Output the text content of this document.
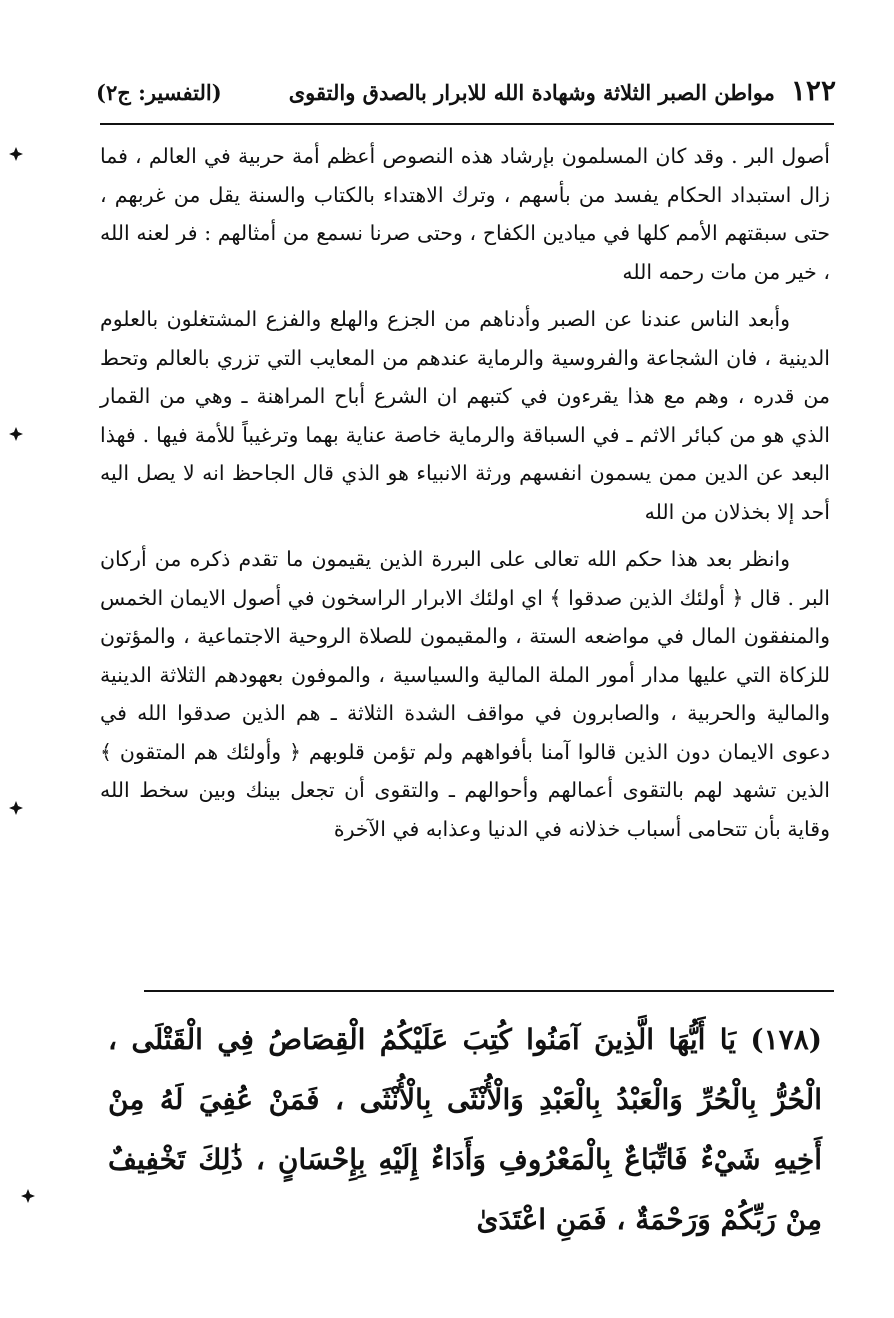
١٢٢
مواطن الصبر الثلاثة وشهادة الله للابرار بالصدق والتقوى
(التفسير: ج٢)

أصول البر . وقد كان المسلمون بإرشاد هذه النصوص أعظم أمة حربية في العالم ، فما زال استبداد الحكام يفسد من بأسهم ، وترك الاهتداء بالكتاب والسنة يقل من غربهم ، حتى سبقتهم الأمم كلها في ميادين الكفاح ، وحتى صرنا نسمع من أمثالهم : فر لعنه الله ، خير من مات رحمه الله

وأبعد الناس عندنا عن الصبر وأدناهم من الجزع والهلع والفزع المشتغلون بالعلوم الدينية ، فان الشجاعة والفروسية والرماية عندهم من المعايب التي تزري بالعالم وتحط من قدره ، وهم مع هذا يقرءون في كتبهم ان الشرع أباح المراهنة ـ وهي من القمار الذي هو من كبائر الاثم ـ في السباقة والرماية خاصة عناية بهما وترغيباً للأمة فيها . فهذا البعد عن الدين ممن يسمون انفسهم ورثة الانبياء هو الذي قال الجاحظ انه لا يصل اليه أحد إلا بخذلان من الله

وانظر بعد هذا حكم الله تعالى على البررة الذين يقيمون ما تقدم ذكره من أركان البر . قال ﴿ أولئك الذين صدقوا ﴾ اي اولئك الابرار الراسخون في أصول الايمان الخمس والمنفقون المال في مواضعه الستة ، والمقيمون للصلاة الروحية الاجتماعية ، والمؤتون للزكاة التي عليها مدار أمور الملة المالية والسياسية ، والموفون بعهودهم الثلاثة الدينية والمالية والحربية ، والصابرون في مواقف الشدة الثلاثة ـ هم الذين صدقوا الله في دعوى الايمان دون الذين قالوا آمنا بأفواههم ولم تؤمن قلوبهم ﴿ وأولئك هم المتقون ﴾ الذين تشهد لهم بالتقوى أعمالهم وأحوالهم ـ والتقوى أن تجعل بينك وبين سخط الله وقاية بأن تتحامى أسباب خذلانه في الدنيا وعذابه في الآخرة

(١٧٨) يَا أَيُّهَا الَّذِينَ آمَنُوا كُتِبَ عَلَيْكُمُ الْقِصَاصُ فِي الْقَتْلَى ، الْحُرُّ بِالْحُرِّ وَالْعَبْدُ بِالْعَبْدِ وَالْأُنْثَى بِالْأُنْثَى ، فَمَنْ عُفِيَ لَهُ مِنْ أَخِيهِ شَيْءٌ فَاتِّبَاعٌ بِالْمَعْرُوفِ وَأَدَاءٌ إِلَيْهِ بِإِحْسَانٍ ، ذَٰلِكَ تَخْفِيفٌ مِنْ رَبِّكُمْ وَرَحْمَةٌ ، فَمَنِ اعْتَدَىٰ
